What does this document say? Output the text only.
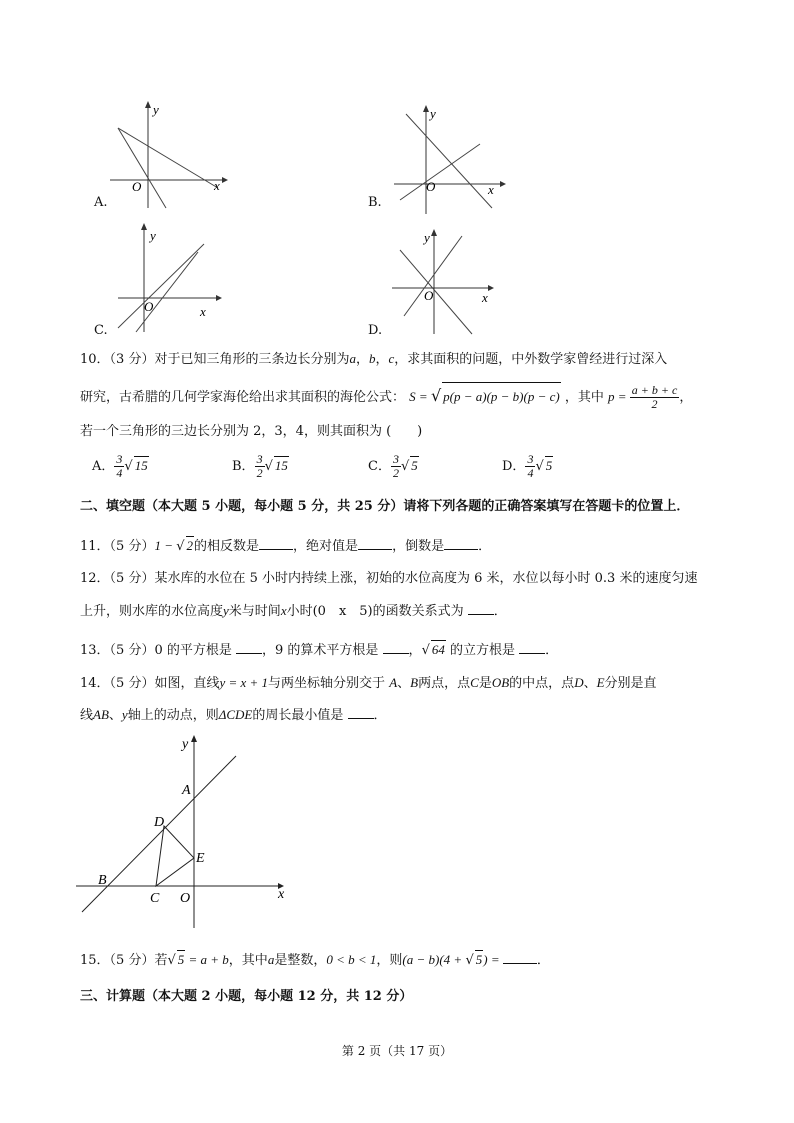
x
y
O
A.
x
y
O
B.
x
y
O
C.
x
y
O
D.
10．（3 分）对于已知三角形的三条边长分别为a，b，c，求其面积的问题，中外数学家曾经进行过深入
研究，古希腊的几何学家海伦给出求其面积的海伦公式： S = √ p(p − a)(p − b)(p − c) ，其中 $p = \frac{a + b + c}{2}$ ，
若一个三角形的三边长分别为 2，3，4，则其面积为 (　　)
A． $\frac{3}{4}$ √ 15	B． $\frac{3}{2}$ √ 15	C． $\frac{3}{2}$ √ 5	D． $\frac{3}{4}$ √ 5
二、填空题（本大题 5 小题，每小题 5 分，共 25 分）请将下列各题的正确答案填写在答题卡的位置上．
11．（5 分）1 − √ 2的相反数是	，绝对值是	，倒数是	．
12．（5 分）某水库的水位在 5 小时内持续上涨，初始的水位高度为 6 米，水位以每小时 0.3 米的速度匀速
上升，则水库的水位高度y米与时间x小时(0　x　5)的函数关系式为 ．
13．（5 分）0 的平方根是 ，9 的算术平方根是 ，√ 64 的立方根是 ．
14．（5 分）如图，直线y = x + 1与两坐标轴分别交于 A、B两点，点C是OB的中点，点D、E分别是直
线AB、y轴上的动点，则ΔCDE的周长最小值是 ．
x
y
A
B
C
D
E
O
15．（5 分）若√ 5 = a + b，其中a是整数，0 < b < 1，则(a − b)(4 + √ 5) =	．
三、计算题（本大题 2 小题，每小题 12 分，共 12 分）
第 2 页（共 17 页）
